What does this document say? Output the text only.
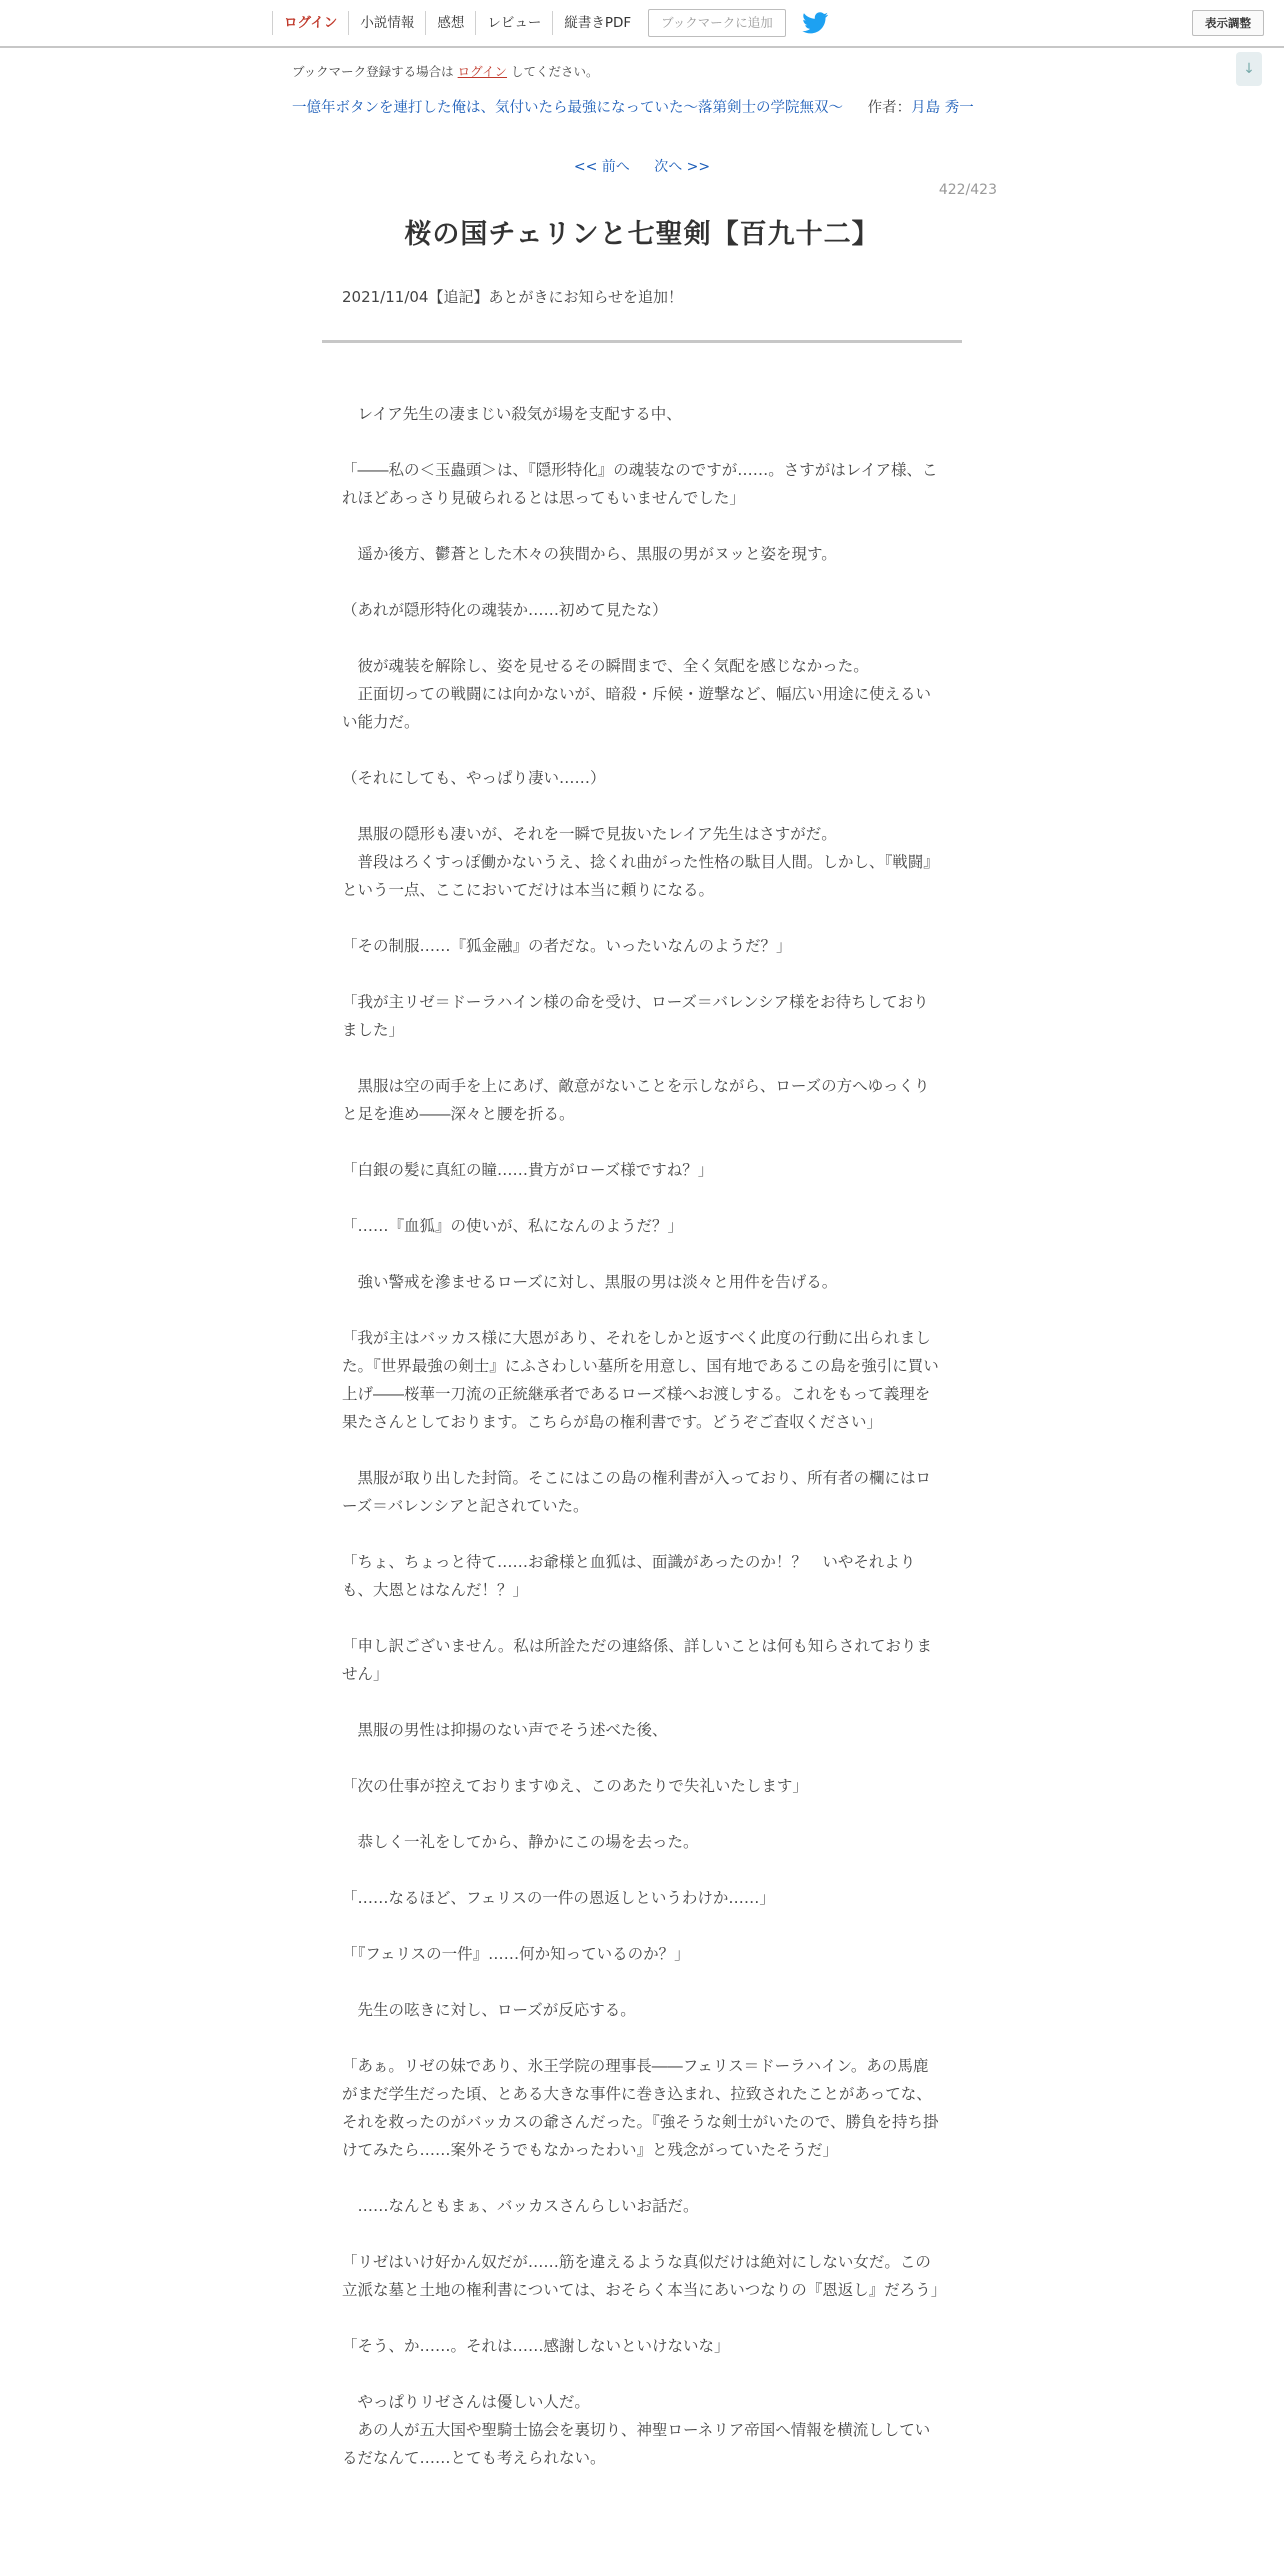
ログイン	小説情報	感想	レビュー	縦書きPDF	ブックマークに追加	表示調整
↓
ブックマーク登録する場合は ログイン してください。
一億年ボタンを連打した俺は、気付いたら最強になっていた～落第剣士の学院無双～ 作者：月島 秀一
<< 前へ 次へ >>
422/423
桜の国チェリンと七聖剣【百九十二】
2021/11/04【追記】あとがきにお知らせを追加！

　レイア先生の凄まじい殺気が場を支配する中、

「――私の＜玉蟲頭＞は、『隠形特化』の魂装なのですが……。さすがはレイア様、これほどあっさり見破られるとは思ってもいませんでした」

　遥か後方、鬱蒼とした木々の狭間から、黒服の男がヌッと姿を現す。

（あれが隠形特化の魂装か……初めて見たな）

　彼が魂装を解除し、姿を見せるその瞬間まで、全く気配を感じなかった。

　正面切っての戦闘には向かないが、暗殺・斥候・遊撃など、幅広い用途に使えるいい能力だ。

（それにしても、やっぱり凄い……）

　黒服の隠形も凄いが、それを一瞬で見抜いたレイア先生はさすがだ。

　普段はろくすっぽ働かないうえ、捻くれ曲がった性格の駄目人間。しかし、『戦闘』という一点、ここにおいてだけは本当に頼りになる。

「その制服……『狐金融』の者だな。いったいなんのようだ？」

「我が主リゼ＝ドーラハイン様の命を受け、ローズ＝バレンシア様をお待ちしておりました」

　黒服は空の両手を上にあげ、敵意がないことを示しながら、ローズの方へゆっくりと足を進め――深々と腰を折る。

「白銀の髪に真紅の瞳……貴方がローズ様ですね？」

「……『血狐』の使いが、私になんのようだ？」

　強い警戒を滲ませるローズに対し、黒服の男は淡々と用件を告げる。

「我が主はバッカス様に大恩があり、それをしかと返すべく此度の行動に出られました。『世界最強の剣士』にふさわしい墓所を用意し、国有地であるこの島を強引に買い上げ――桜華一刀流の正統継承者であるローズ様へお渡しする。これをもって義理を果たさんとしております。こちらが島の権利書です。どうぞご査収ください」

　黒服が取り出した封筒。そこにはこの島の権利書が入っており、所有者の欄にはローズ＝バレンシアと記されていた。

「ちょ、ちょっと待て……お爺様と血狐は、面識があったのか！？　いやそれよりも、大恩とはなんだ！？」

「申し訳ございません。私は所詮ただの連絡係、詳しいことは何も知らされておりません」

　黒服の男性は抑揚のない声でそう述べた後、

「次の仕事が控えておりますゆえ、このあたりで失礼いたします」

　恭しく一礼をしてから、静かにこの場を去った。

「……なるほど、フェリスの一件の恩返しというわけか……」

「『フェリスの一件』……何か知っているのか？」

　先生の呟きに対し、ローズが反応する。

「あぁ。リゼの妹であり、氷王学院の理事長――フェリス＝ドーラハイン。あの馬鹿がまだ学生だった頃、とある大きな事件に巻き込まれ、拉致されたことがあってな、それを救ったのがバッカスの爺さんだった。『強そうな剣士がいたので、勝負を持ち掛けてみたら……案外そうでもなかったわい』と残念がっていたそうだ」

　……なんともまぁ、バッカスさんらしいお話だ。

「リゼはいけ好かん奴だが……筋を違えるような真似だけは絶対にしない女だ。この立派な墓と土地の権利書については、おそらく本当にあいつなりの『恩返し』だろう」

「そう、か……。それは……感謝しないといけないな」

　やっぱりリゼさんは優しい人だ。

　あの人が五大国や聖騎士協会を裏切り、神聖ローネリア帝国へ情報を横流ししているだなんて……とても考えられない。
